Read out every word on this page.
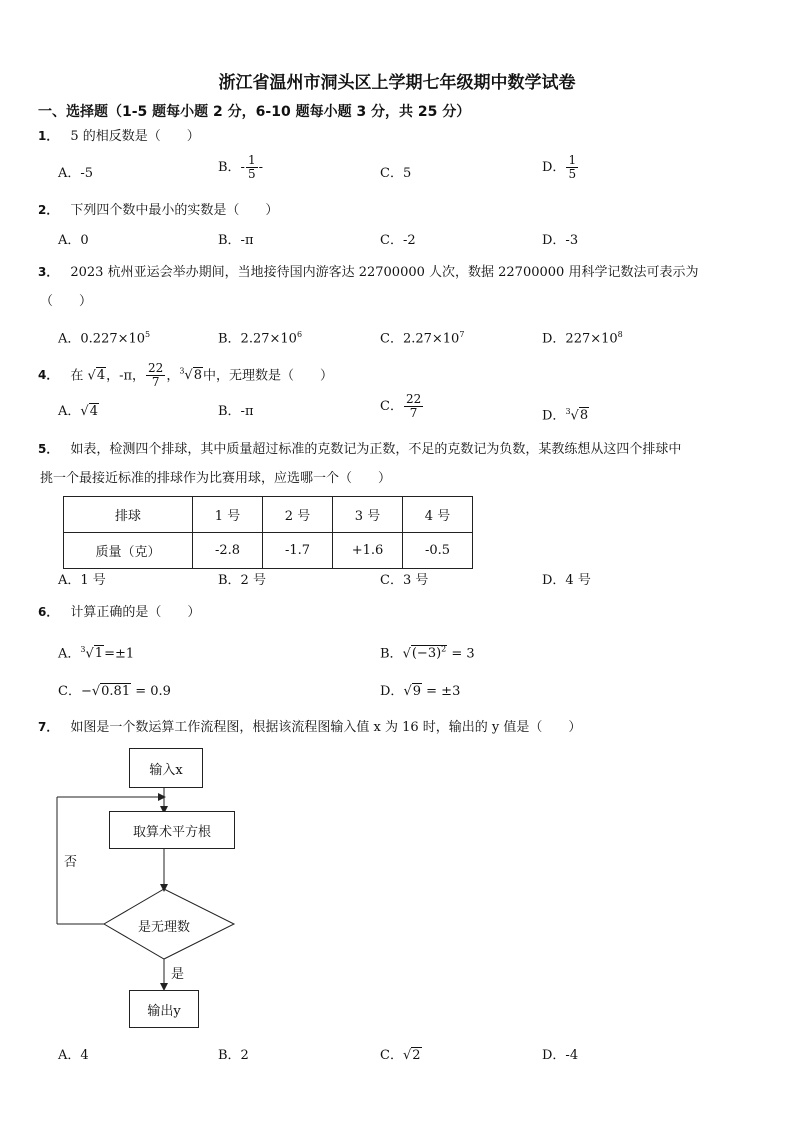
浙江省温州市洞头区上学期七年级期中数学试卷
一、选择题（1-5 题每小题 2 分，6-10 题每小题 3 分，共 25 分）
1． 5 的相反数是（　　）
A．-5	B．- $\frac{1}{5}$ -	C．5	D． $\frac{1}{5}$
2． 下列四个数中最小的实数是（　　）
A．0	B．-π	C．-2	D．-3
3． 2023 杭州亚运会举办期间，当地接待国内游客达 22700000 人次，数据 22700000 用科学记数法可表示为
（　　）
A．$0.227\times 10^5$	B．$2.27\times 10^6$	C．$2.27\times 10^7$	D．$227\times 10^8$
4． 在 √4，-π， $\frac{22}{7}$ ，$^3$√8中，无理数是（　　）
A．√4	B．-π	C． $\frac{22}{7}$	D．$^3$√8
5． 如表，检测四个排球，其中质量超过标准的克数记为正数，不足的克数记为负数，某教练想从这四个排球中
挑一个最接近标准的排球作为比赛用球，应选哪一个（　　）
排球	1 号	2 号	3 号	4 号
质量（克）	-2.8	-1.7	+1.6	-0.5
A．1 号	B．2 号	C．3 号	D．4 号
6． 计算正确的是（　　）
A．$^3$√1=±1	B．$√(-3)^2 = 3$
C．−√0.81 = 0.9	D．√9 = ±3
7． 如图是一个数运算工作流程图，根据该流程图输入值 x 为 16 时，输出的 y 值是（　　）
输入x
取算术平方根
是无理数
否
是
输出y
A．4	B．2	C．√2	D．-4
